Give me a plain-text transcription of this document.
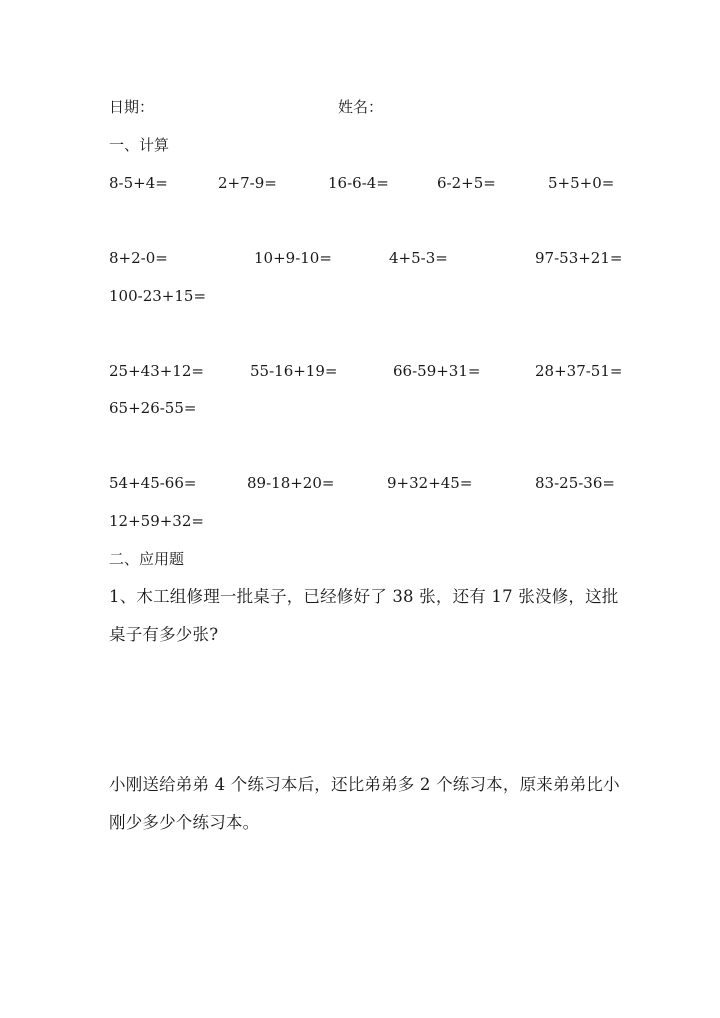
日期：	姓名：
一、计算
8-5+4=	2+7-9=	16-6-4=	6-2+5=	5+5+0=
8+2-0=	10+9-10=	4+5-3=	97-53+21=
100-23+15=
25+43+12=	55-16+19=	66-59+31=	28+37-51=
65+26-55=
54+45-66=	89-18+20=	9+32+45=	83-25-36=
12+59+32=
二、应用题
1、木工组修理一批桌子，已经修好了 38 张，还有 17 张没修，这批
桌子有多少张?
小刚送给弟弟 4 个练习本后，还比弟弟多 2 个练习本，原来弟弟比小
刚少多少个练习本。
